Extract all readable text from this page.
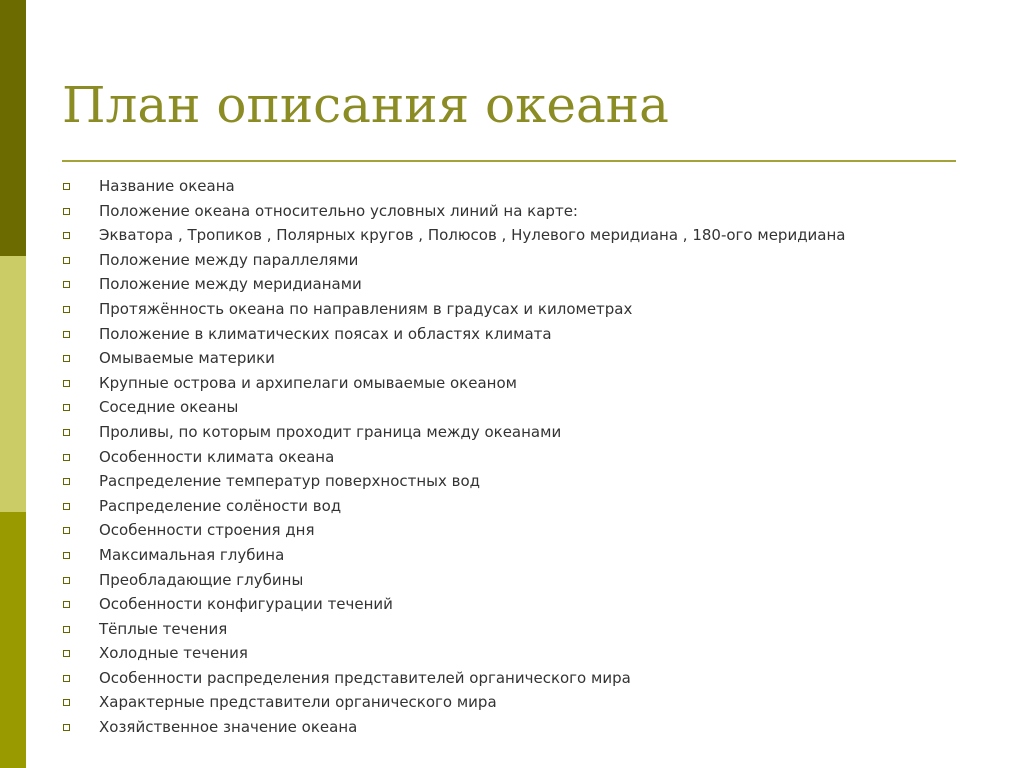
План описания океана
Название океана
Положение океана относительно условных линий на карте:
Экватора , Тропиков , Полярных кругов , Полюсов , Нулевого меридиана , 180-ого меридиана
Положение между параллелями
Положение между меридианами
Протяжённость океана по направлениям в градусах и километрах
Положение в климатических поясах и областях климата
Омываемые материки
Крупные острова и архипелаги омываемые океаном
Соседние океаны
Проливы, по которым проходит граница между океанами
Особенности климата океана
Распределение температур поверхностных вод
Распределение солёности вод
Особенности строения дня
Максимальная глубина
Преобладающие глубины
Особенности конфигурации течений
Тёплые течения
Холодные течения
Особенности распределения представителей органического мира
Характерные представители органического мира
Хозяйственное значение океана
